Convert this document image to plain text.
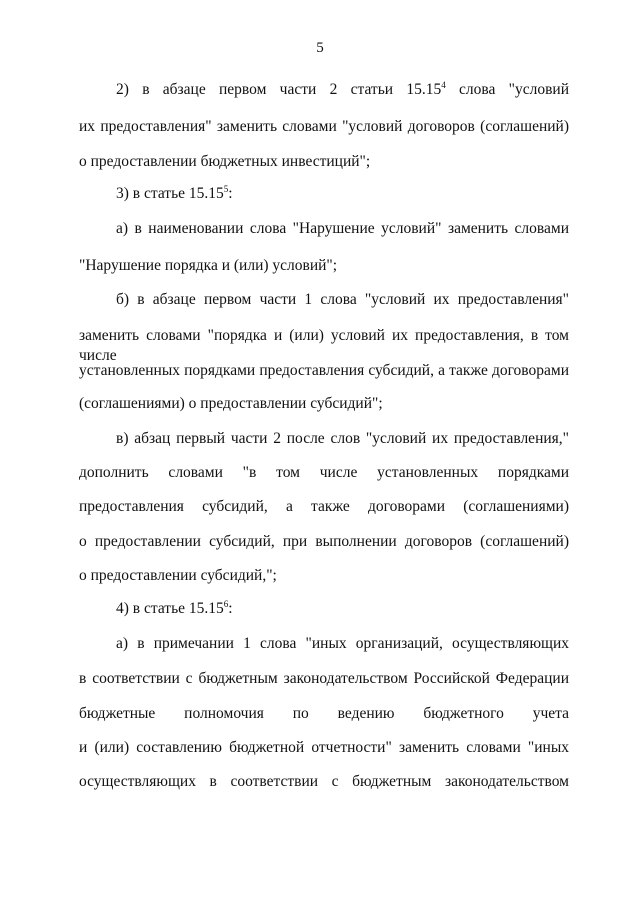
5
2) в абзаце первом части 2 статьи 15.15$^4$ слова "условий
их предоставления" заменить словами "условий договоров (соглашений)
о предоставлении бюджетных инвестиций";
3) в статье 15.15$^5$:
а) в наименовании слова "Нарушение условий" заменить словами
"Нарушение порядка и (или) условий";
б) в абзаце первом части 1 слова "условий их предоставления"
заменить словами "порядка и (или) условий их предоставления, в том числе
установленных порядками предоставления субсидий, а также договорами
(соглашениями) о предоставлении субсидий";
в) абзац первый части 2 после слов "условий их предоставления,"
дополнить словами "в том числе установленных порядками
предоставления субсидий, а также договорами (соглашениями)
о предоставлении субсидий, при выполнении договоров (соглашений)
о предоставлении субсидий,";
4) в статье 15.15$^6$:
а) в примечании 1 слова "иных организаций, осуществляющих
в соответствии с бюджетным законодательством Российской Федерации
бюджетные полномочия по ведению бюджетного учета
и (или) составлению бюджетной отчетности" заменить словами "иных
осуществляющих в соответствии с бюджетным законодательством
